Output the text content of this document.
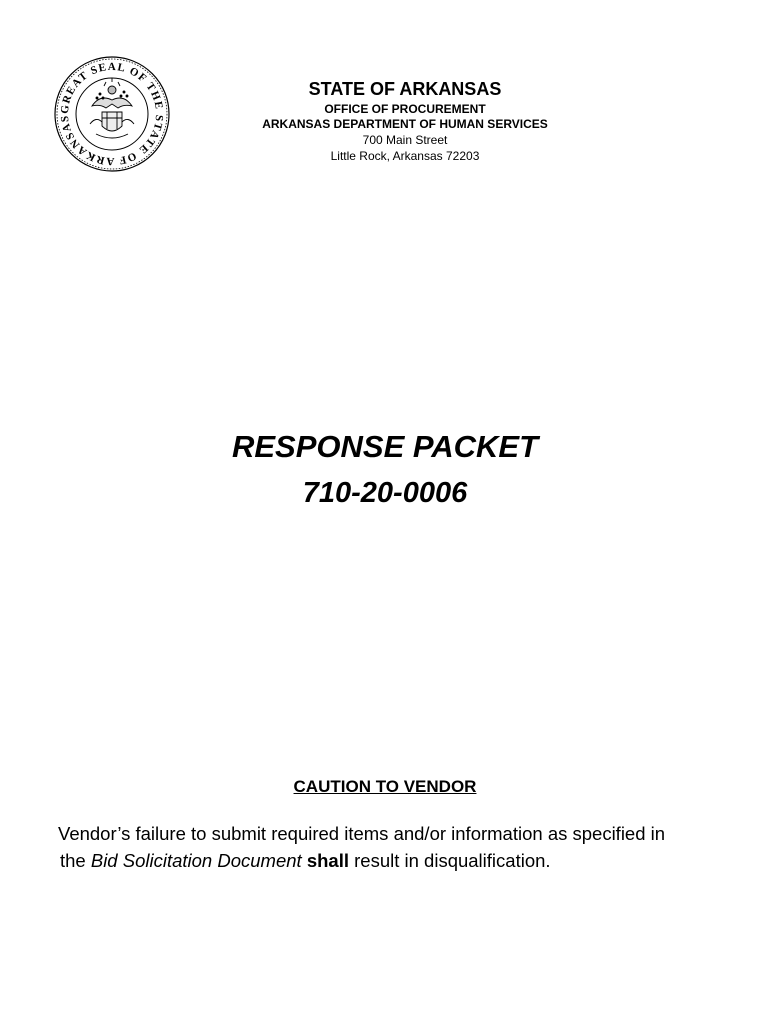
GREAT SEAL OF THE STATE OF ARKANSAS
STATE OF ARKANSAS
OFFICE OF PROCUREMENT
ARKANSAS DEPARTMENT OF HUMAN SERVICES
700 Main Street
Little Rock, Arkansas 72203
RESPONSE PACKET
710-20-0006
CAUTION TO VENDOR
Vendor’s failure to submit required items and/or information as specified in
the Bid Solicitation Document shall result in disqualification.
